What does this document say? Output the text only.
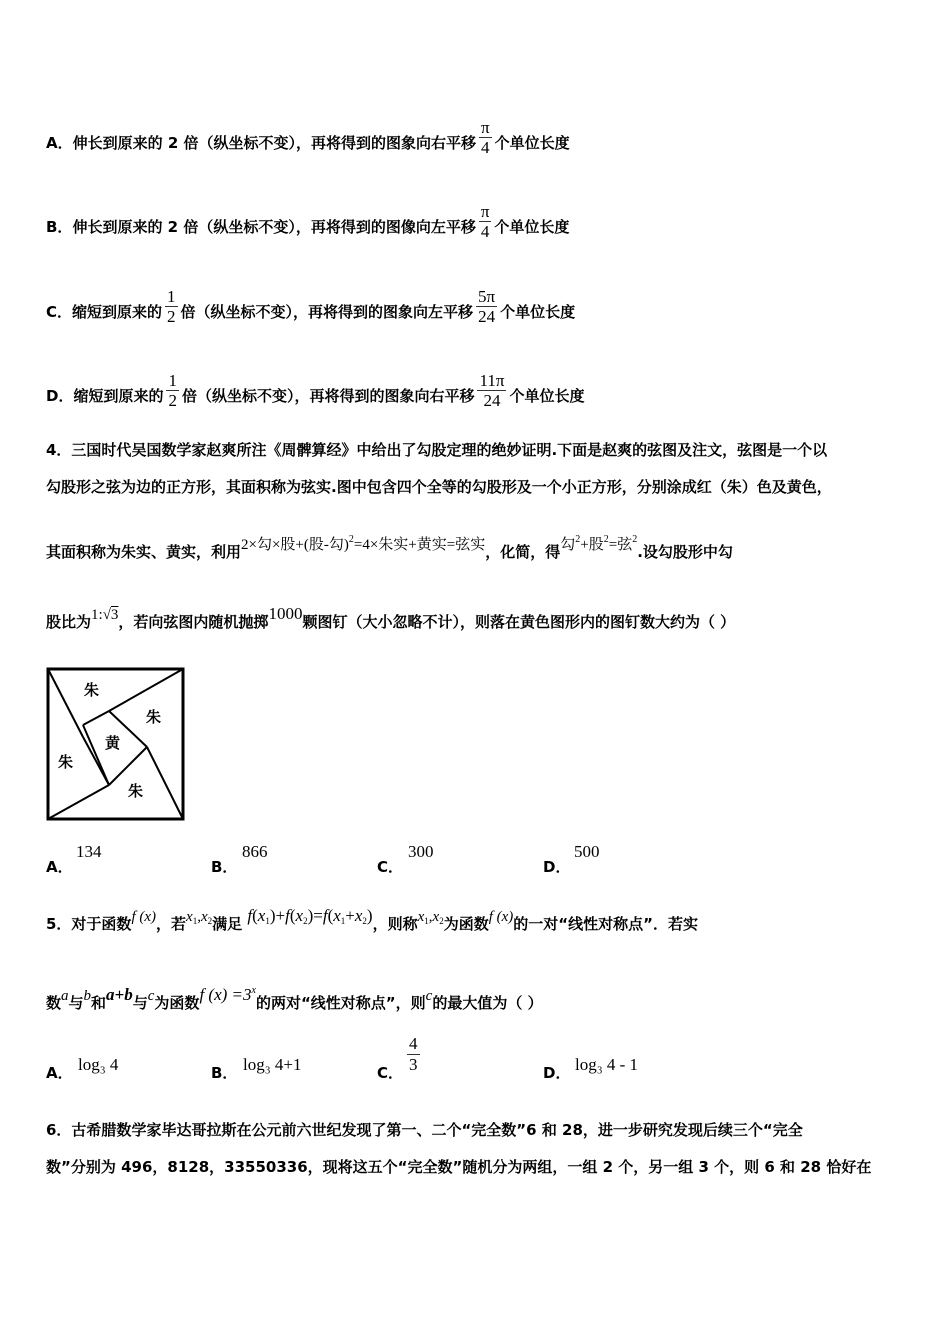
A．伸长到原来的 2 倍（纵坐标不变），再将得到的图象向右平移 $\frac{\pi}{4}$ 个单位长度
B．伸长到原来的 2 倍（纵坐标不变），再将得到的图像向左平移 $\frac{\pi}{4}$ 个单位长度
C．缩短到原来的 $\frac{1}{2}$ 倍（纵坐标不变），再将得到的图象向左平移 $\frac{5\pi}{24}$ 个单位长度
D．缩短到原来的 $\frac{1}{2}$ 倍（纵坐标不变），再将得到的图象向右平移 $\frac{11\pi}{24}$ 个单位长度
4．三国时代吴国数学家赵爽所注《周髀算经》中给出了勾股定理的绝妙证明.下面是赵爽的弦图及注文，弦图是一个以
勾股形之弦为边的正方形，其面积称为弦实.图中包含四个全等的勾股形及一个小正方形，分别涂成红（朱）色及黄色，
其面积称为朱实、黄实，利用2×勾×股+(股-勾)$^2$=4×朱实+黄实=弦实，化简，得勾$^2$+股$^2$=弦$^2$.设勾股形中勾
股比为1:√3，若向弦图内随机抛掷1000颗图钉（大小忽略不计），则落在黄色图形内的图钉数大约为（ ）
朱
朱
黄
朱
朱
A．
134
B．
866
C．
300
D．
500
5．对于函数f (x)，若$x_1,x_2$满足 $f(x_1)+f(x_2)=f(x_1+x_2)$，则称$x_1,x_2$为函数f (x)的一对“线性对称点”．若实
数a与b和a+b与c为函数f $(x) =3^x$的两对“线性对称点”，则c的最大值为（ ）
A． log₃ 4	B． log₃ 4+1	C．
4
3	D． log₃ 4 - 1
6．古希腊数学家毕达哥拉斯在公元前六世纪发现了第一、二个“完全数”6 和 28，进一步研究发现后续三个“完全
数”分别为 496，8128，33550336，现将这五个“完全数”随机分为两组，一组 2 个，另一组 3 个，则 6 和 28 恰好在
